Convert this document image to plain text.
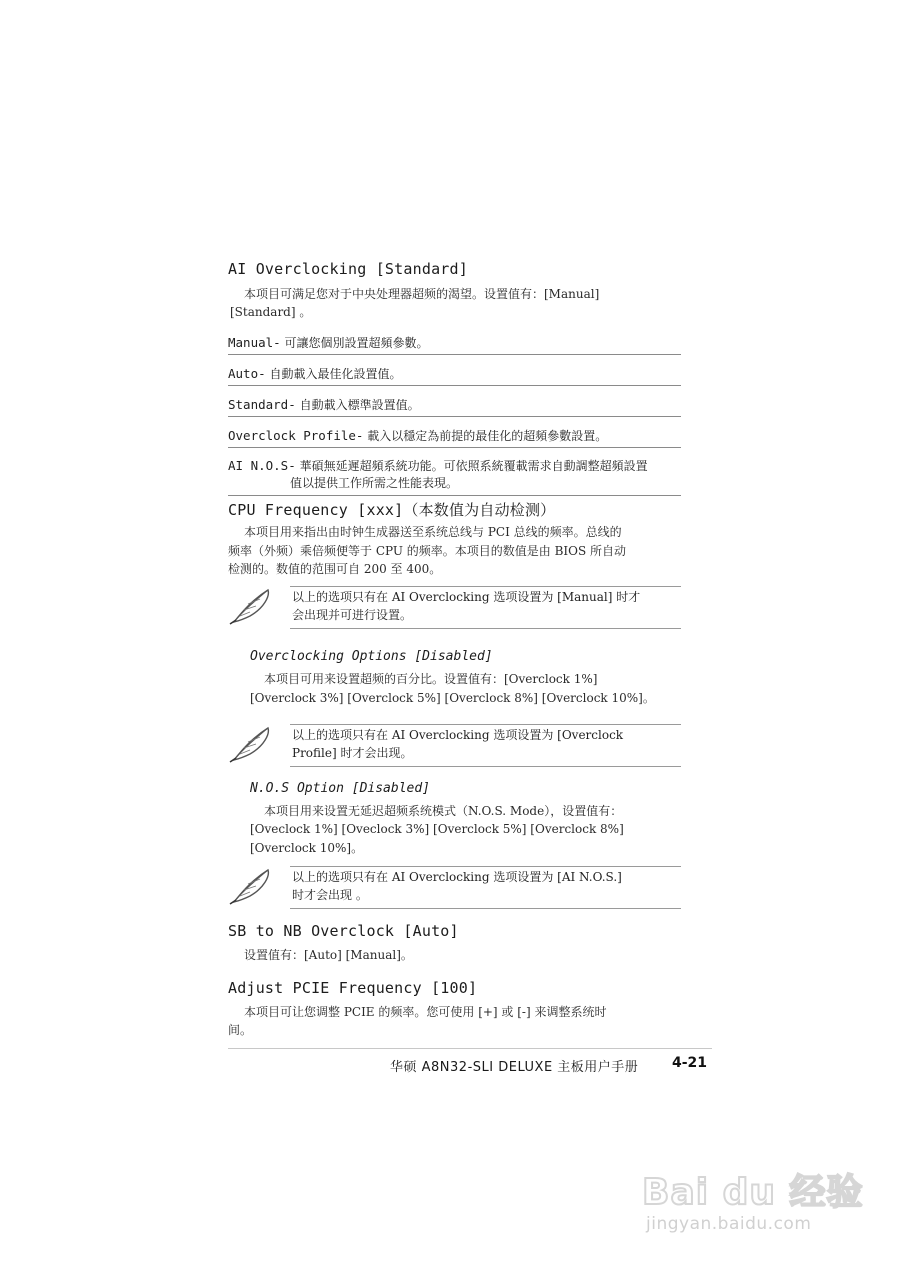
AI Overclocking [Standard]
本项目可满足您对于中央处理器超频的渴望。设置值有：[Manual]
[Standard] 。
Manual- 可讓您個別設置超頻參數。
Auto- 自動載入最佳化設置值。
Standard- 自動載入標準設置值。
Overclock Profile- 載入以穩定為前提的最佳化的超頻參數設置。
AI N.O.S- 華碩無延遲超頻系統功能。可依照系統覆載需求自動調整超頻設置
值以提供工作所需之性能表現。
CPU Frequency [xxx]（本数值为自动检测）
本项目用来指出由时钟生成器送至系统总线与 PCI 总线的频率。总线的
频率（外频）乘倍频便等于 CPU 的频率。本项目的数值是由 BIOS 所自动
检测的。数值的范围可自 200 至 400。
以上的选项只有在 AI Overclocking 选项设置为 [Manual] 时才
会出现并可进行设置。
Overclocking Options [Disabled]
本项目可用来设置超频的百分比。设置值有：[Overclock 1%]
[Overclock 3%] [Overclock 5%] [Overclock 8%] [Overclock 10%]。
以上的选项只有在 AI Overclocking 选项设置为 [Overclock
Profile] 时才会出现。
N.O.S Option [Disabled]
本项目用来设置无延迟超频系统模式（N.O.S. Mode），设置值有：
[Oveclock 1%] [Oveclock 3%] [Overclock 5%] [Overclock 8%]
[Overclock 10%]。
以上的选项只有在 AI Overclocking 选项设置为 [AI N.O.S.]
时才会出现 。
SB to NB Overclock [Auto]
设置值有：[Auto] [Manual]。
Adjust PCIE Frequency [100]
本项目可让您调整 PCIE 的频率。您可使用 [+] 或 [-] 来调整系统时
间。
华硕 A8N32-SLI DELUXE 主板用户手册 4-21
Bai du 经验
jingyan.baidu.com
